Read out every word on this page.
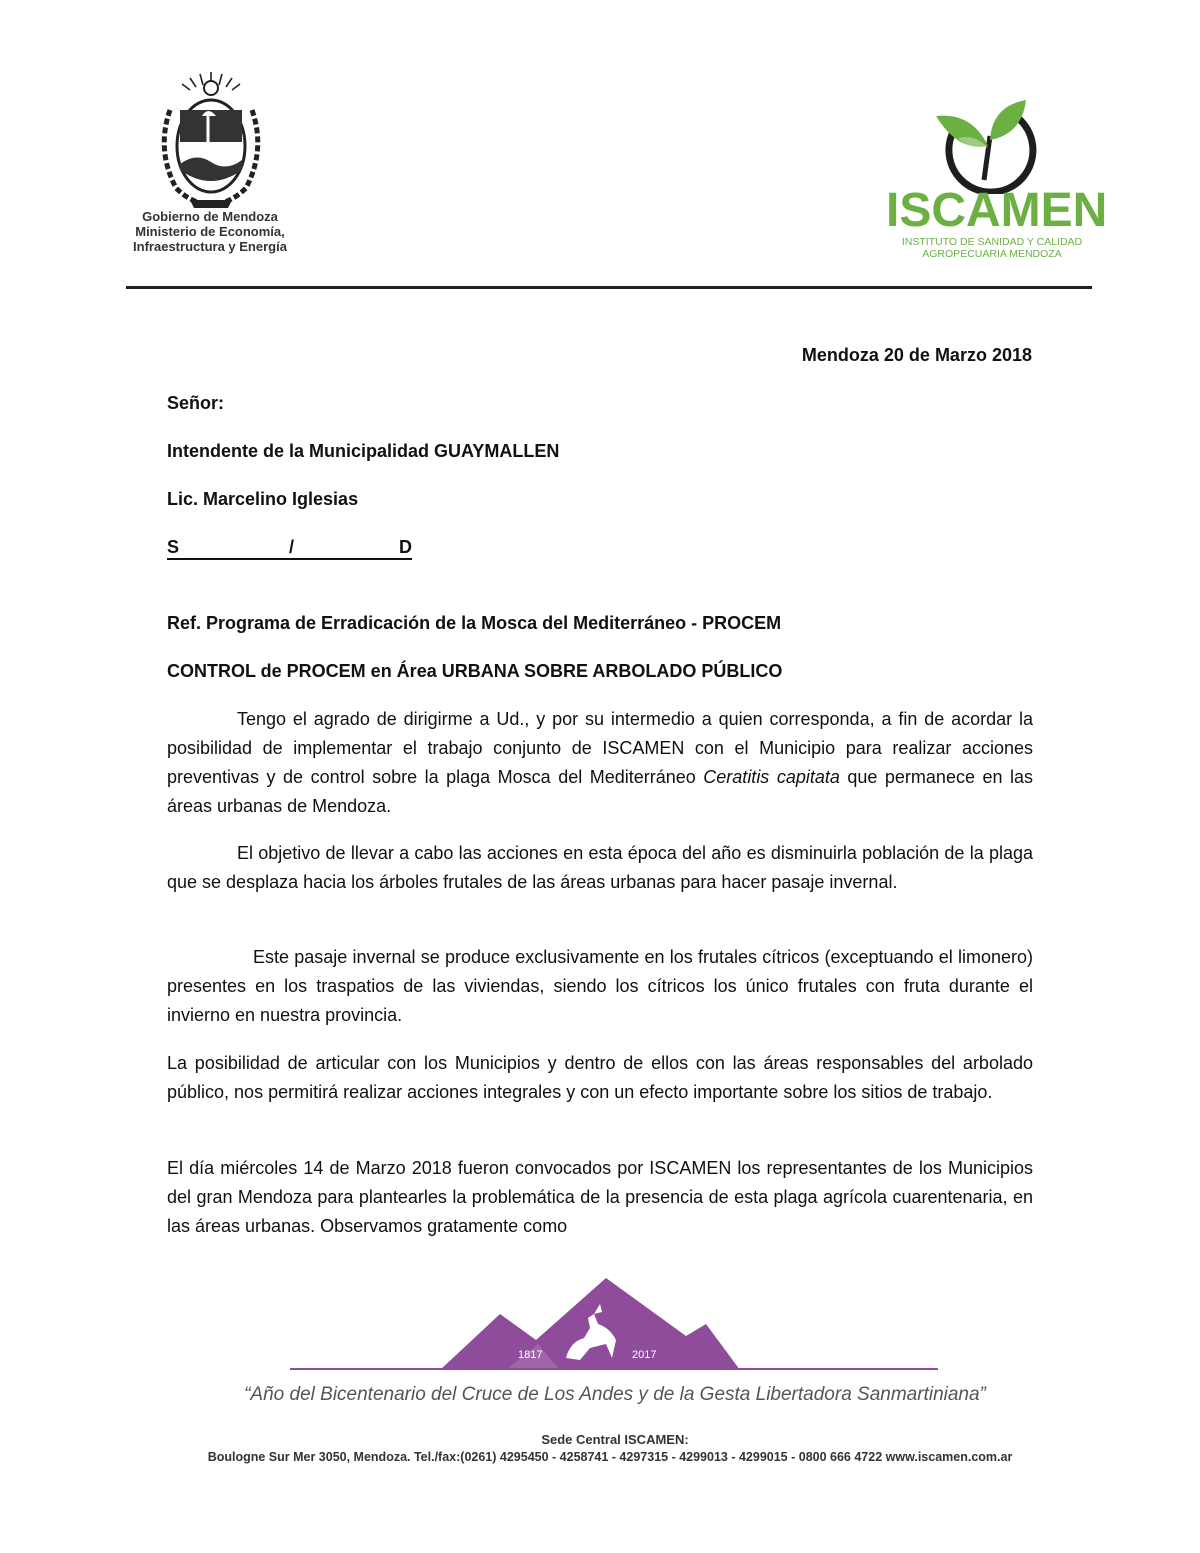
Gobierno de Mendoza
Ministerio de Economía,
Infraestructura y Energía
ISCAMEN
INSTITUTO DE SANIDAD Y CALIDAD
AGROPECUARIA MENDOZA
Mendoza 20 de Marzo 2018
Señor:
Intendente de la Municipalidad GUAYMALLEN
Lic. Marcelino Iglesias
S	/	D
Ref. Programa de Erradicación de la Mosca del Mediterráneo - PROCEM
CONTROL de PROCEM en Área URBANA SOBRE ARBOLADO PÚBLICO
Tengo el agrado de dirigirme a Ud., y por su intermedio a quien corresponda, a fin de acordar la posibilidad de implementar el trabajo conjunto de ISCAMEN con el Municipio para realizar acciones preventivas y de control sobre la plaga Mosca del Mediterráneo Ceratitis capitata que permanece en las áreas urbanas de Mendoza.
El objetivo de llevar a cabo las acciones en esta época del año es disminuirla población de la plaga que se desplaza hacia los árboles frutales de las áreas urbanas para hacer pasaje invernal.
Este pasaje invernal se produce exclusivamente en los frutales cítricos (exceptuando el limonero) presentes en los traspatios de las viviendas, siendo los cítricos los único frutales con fruta durante el invierno en nuestra provincia.
La posibilidad de articular con los Municipios y dentro de ellos con las áreas responsables del arbolado público, nos permitirá realizar acciones integrales y con un efecto importante sobre los sitios de trabajo.
El día miércoles 14 de Marzo 2018 fueron convocados por ISCAMEN los representantes de los Municipios del gran Mendoza para plantearles la problemática de la presencia de esta plaga agrícola cuarentenaria, en las áreas urbanas. Observamos gratamente como
1817	2017
“Año del Bicentenario del Cruce de Los Andes y de la Gesta Libertadora Sanmartiniana”
Sede Central ISCAMEN:
Boulogne Sur Mer 3050, Mendoza. Tel./fax:(0261) 4295450 - 4258741 - 4297315 - 4299013 - 4299015 - 0800 666 4722 www.iscamen.com.ar
